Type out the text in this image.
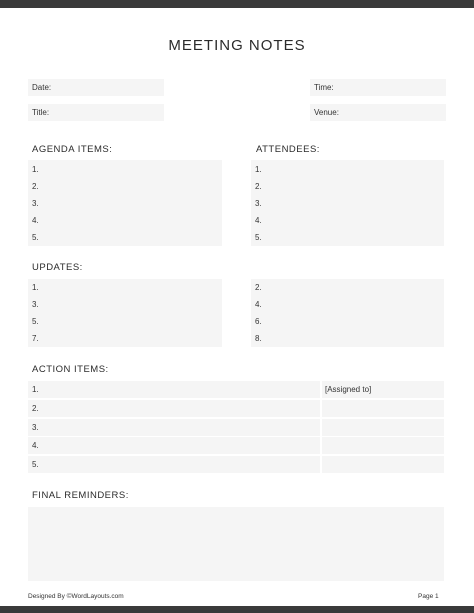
MEETING NOTES
Date:	Time:
Title:	Venue:
AGENDA ITEMS:
1.
2.
3.
4.
5.
ATTENDEES:
1.
2.
3.
4.
5.
UPDATES:
1.
3.
5.
7.
2.
4.
6.
8.
ACTION ITEMS:
1.	[Assigned to]
2.
3.
4.
5.
FINAL REMINDERS:
Designed By ©WordLayouts.com	Page 1
